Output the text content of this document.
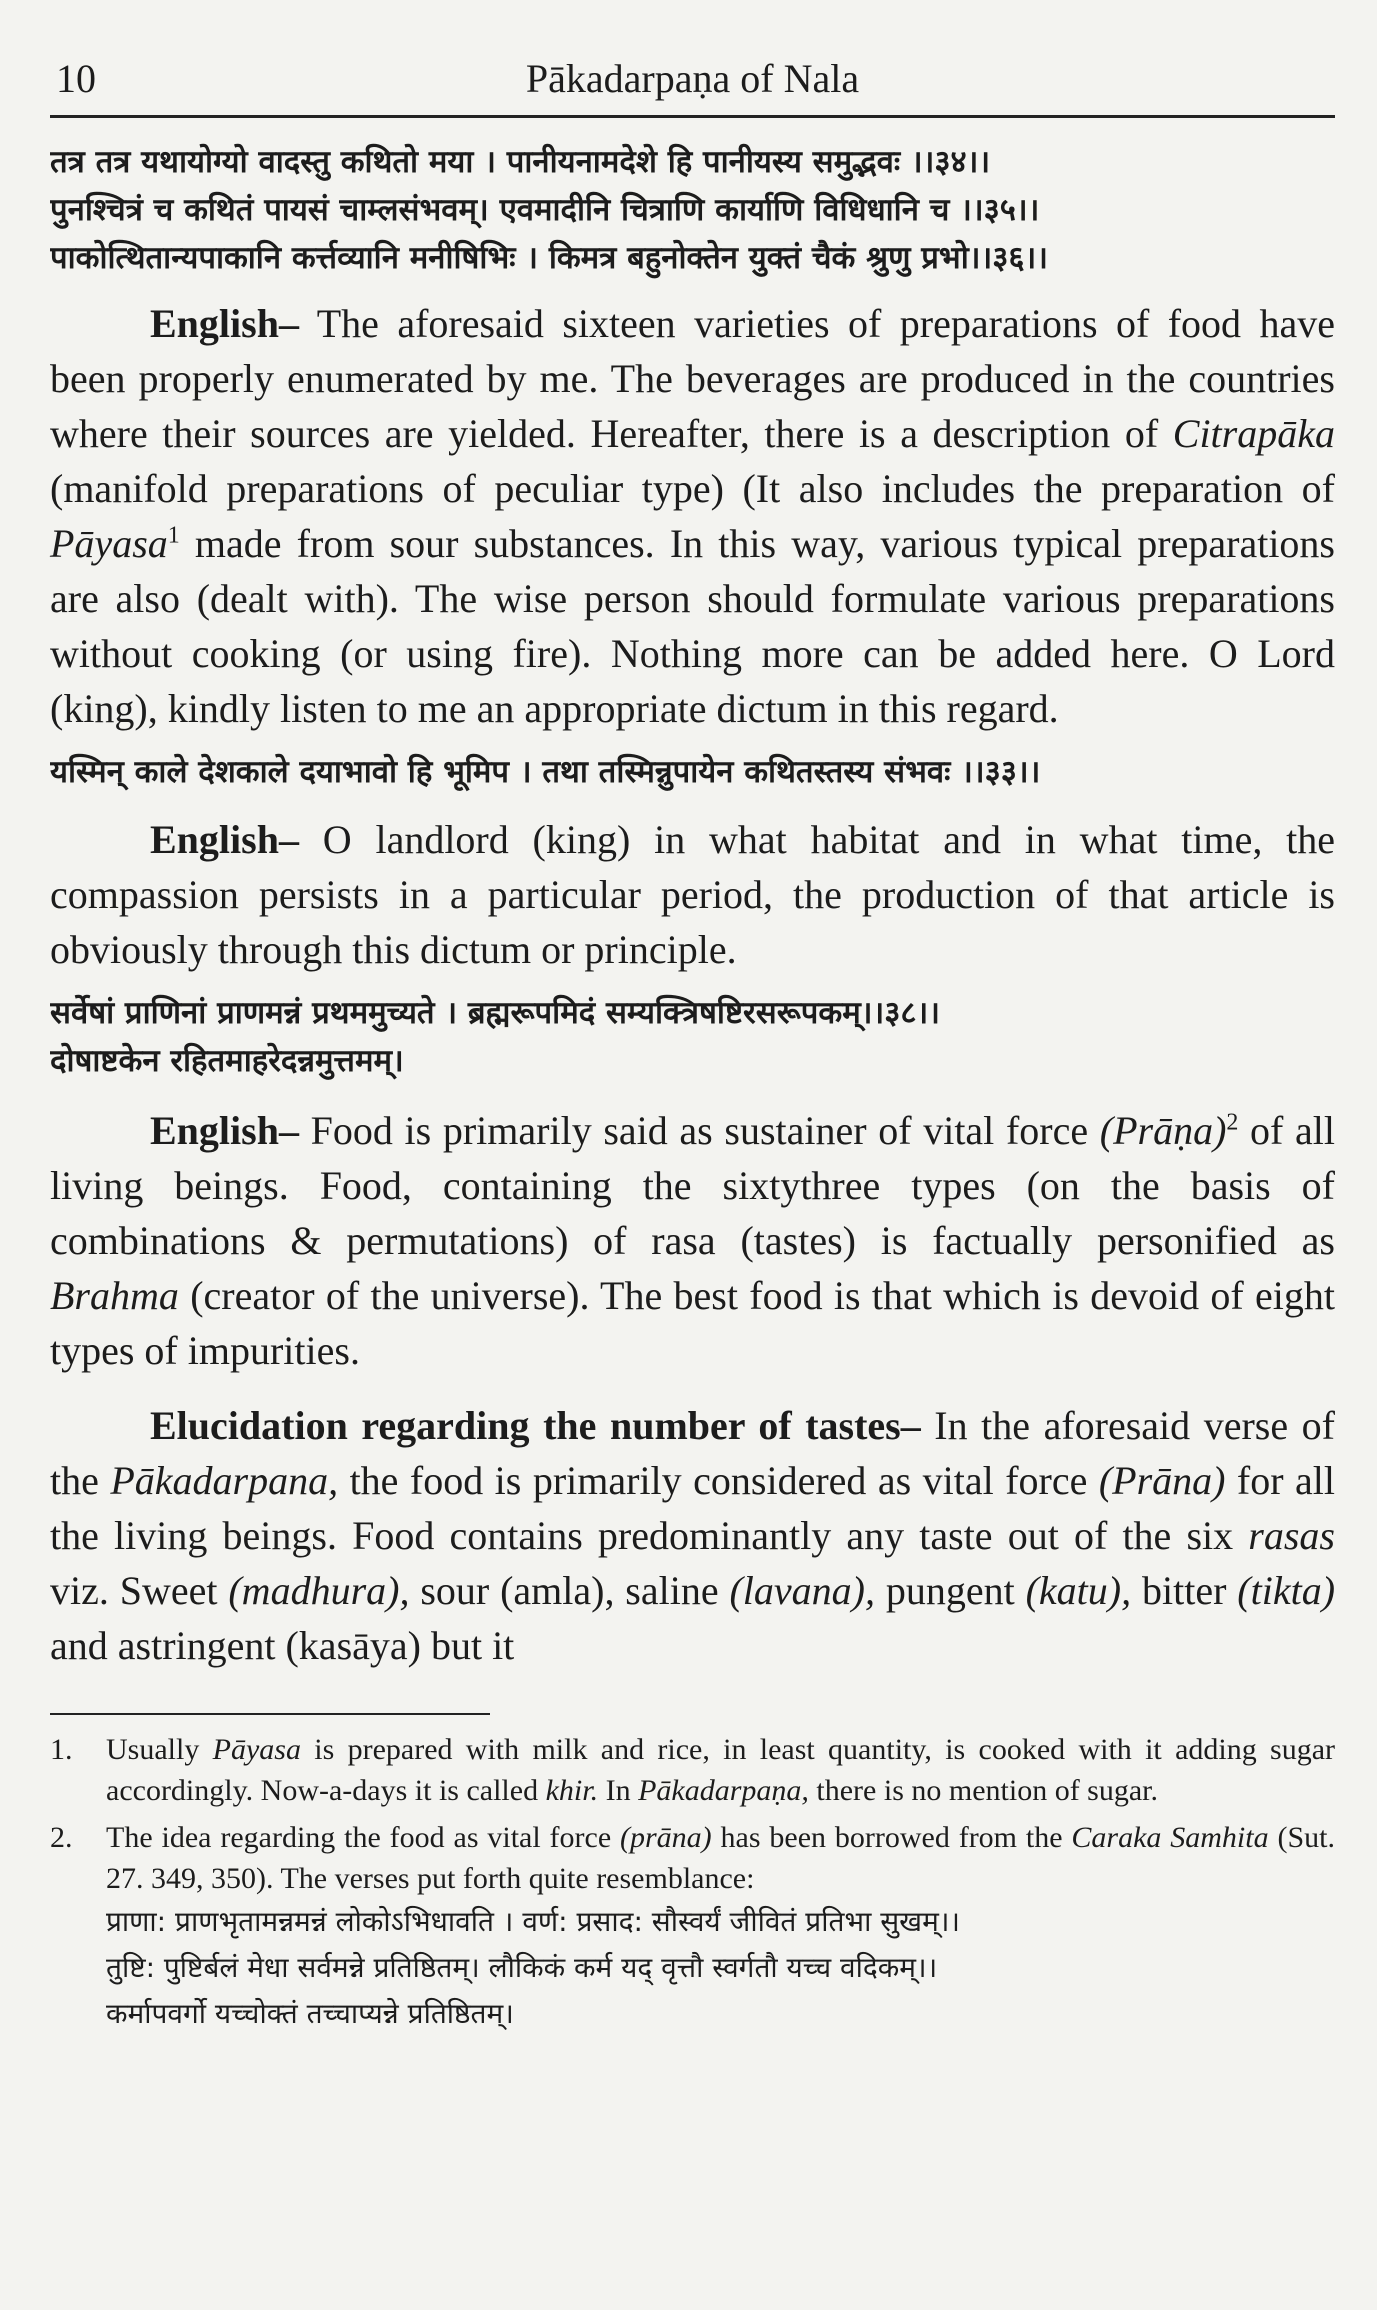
10	Pākadarpaṇa of Nala

तत्र तत्र यथायोग्यो वादस्तु कथितो मया । पानीयनामदेशे हि पानीयस्य समुद्भवः ।।३४।।

पुनश्चित्रं च कथितं पायसं चाम्लसंभवम्। एवमादीनि चित्राणि कार्याणि विधिधानि च ।।३५।।

पाकोत्थितान्यपाकानि कर्त्तव्यानि मनीषिभिः । किमत्र बहुनोक्तेन युक्तं चैकं श्रुणु प्रभो।।३६।।

English– The aforesaid sixteen varieties of preparations of food have been properly enumerated by me. The beverages are produced in the countries where their sources are yielded. Hereafter, there is a description of Citrapāka (manifold preparations of peculiar type) (It also includes the preparation of Pāyasa$^1$ made from sour substances. In this way, various typical preparations are also (dealt with). The wise person should formulate various preparations without cooking (or using fire). Nothing more can be added here. O Lord (king), kindly listen to me an appropriate dictum in this regard.

यस्मिन् काले देशकाले दयाभावो हि भूमिप । तथा तस्मिन्नुपायेन कथितस्तस्य संभवः ।।३३।।

English– O landlord (king) in what habitat and in what time, the compassion persists in a particular period, the production of that article is obviously through this dictum or principle.

सर्वेषां प्राणिनां प्राणमन्नं प्रथममुच्यते । ब्रह्मरूपमिदं सम्यक्त्रिषष्टिरसरूपकम्।।३८।।

दोषाष्टकेन रहितमाहरेदन्नमुत्तमम्।

English– Food is primarily said as sustainer of vital force (Prāṇa)$^2$ of all living beings. Food, containing the sixtythree types (on the basis of combinations & permutations) of rasa (tastes) is factually personified as Brahma (creator of the universe). The best food is that which is devoid of eight types of impurities.

Elucidation regarding the number of tastes– In the aforesaid verse of the Pākadarpana, the food is primarily considered as vital force (Prāna) for all the living beings. Food contains predominantly any taste out of the six rasas viz. Sweet (madhura), sour (amla), saline (lavana), pungent (katu), bitter (tikta) and astringent (kasāya) but it

1.	Usually Pāyasa is prepared with milk and rice, in least quantity, is cooked with it adding sugar accordingly. Now-a-days it is called khir. In Pākadarpaṇa, there is no mention of sugar.
2.	The idea regarding the food as vital force (prāna) has been borrowed from the Caraka Samhita (Sut. 27. 349, 350). The verses put forth quite resemblance:
प्राणा: प्राणभृतामन्नमन्नं लोकोऽभिधावति । वर्ण: प्रसाद: सौस्वर्यं जीवितं प्रतिभा सुखम्।।
तुष्टि: पुष्टिर्बलं मेधा सर्वमन्ने प्रतिष्ठितम्। लौकिकं कर्म यद् वृत्तौ स्वर्गतौ यच्च वदिकम्।।
कर्मापवर्गो यच्चोक्तं तच्चाप्यन्ने प्रतिष्ठितम्।
